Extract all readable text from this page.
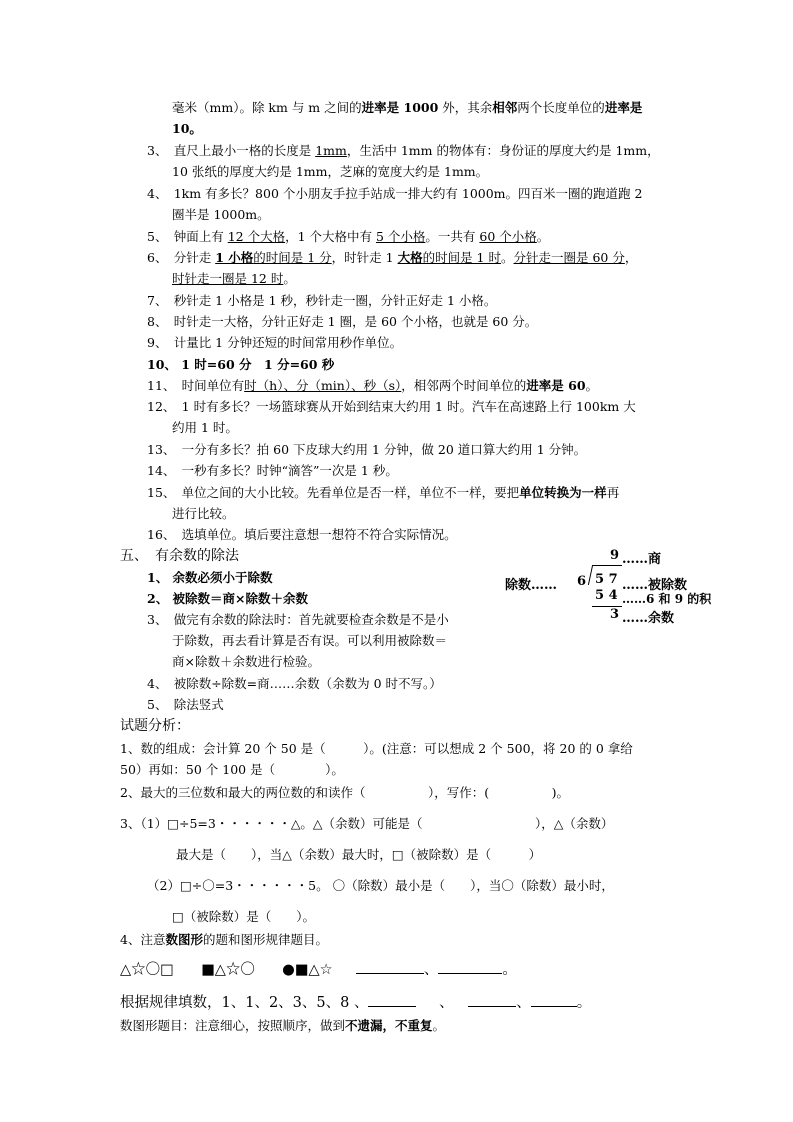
毫米（mm）。除 km 与 m 之间的进率是 1000 外，其余相邻两个长度单位的进率是
10。
3、　直尺上最小一格的长度是 1mm，生活中 1mm 的物体有：身份证的厚度大约是 1mm，
10 张纸的厚度大约是 1mm，芝麻的宽度大约是 1mm。
4、　1km 有多长？800 个小朋友手拉手站成一排大约有 1000m。四百米一圈的跑道跑 2
圈半是 1000m。
5、　钟面上有 12 个大格，1 个大格中有 5 个小格。一共有 60 个小格。
6、　分针走 1 小格的时间是 1 分，时针走 1 大格的时间是 1 时。分针走一圈是 60 分，
时针走一圈是 12 时。
7、　秒针走 1 小格是 1 秒，秒针走一圈，分针正好走 1 小格。
8、　时针走一大格，分针正好走 1 圈，是 60 个小格，也就是 60 分。
9、　计量比 1 分钟还短的时间常用秒作单位。
10、 1 时=60 分　1 分=60 秒
11、　时间单位有时（h）、分（min）、秒（s），相邻两个时间单位的进率是 60。
12、　1 时有多长？一场篮球赛从开始到结束大约用 1 时。汽车在高速路上行 100km 大
约用 1 时。
13、　一分有多长？拍 60 下皮球大约用 1 分钟，做 20 道口算大约用 1 分钟。
14、　一秒有多长？时钟“滴答”一次是 1 秒。
15、　单位之间的大小比较。先看单位是否一样，单位不一样，要把单位转换为一样再
进行比较。
16、　选填单位。填后要注意想一想符不符合实际情况。
五、　有余数的除法
1、 余数必须小于除数
2、 被除数＝商×除数＋余数
3、　做完有余数的除法时：首先就要检查余数是不是小
于除数，再去看计算是否有误。可以利用被除数＝
商×除数＋余数进行检验。
4、　被除数÷除数=商……余数（余数为 0 时不写。）
5、　除法竖式
9 ……商
除数…… 6 5 7 ……被除数
5 4 ……6 和 9 的积
3 ……余数
试题分析：
1、数的组成：会计算 20 个 50 是（　　　）。(注意：可以想成 2 个 500，将 20 的 0 拿给
50）再如：50 个 100 是（　　　　）。
2、最大的三位数和最大的两位数的和读作（　　　　　），写作：(　　　　　)。
3、（1）□÷5=3・・・・・・△。△（余数）可能是（　　　　　　　　　），△（余数）
最大是（　　），当△（余数）最大时，□（被除数）是（　　　）
（2）□÷〇=3・・・・・・5。 〇（除数）最小是（　　），当〇（除数）最小时，
□（被除数）是（　　）。
4、注意数图形的题和图形规律题目。
△☆〇□ ■△☆〇 ●■△☆	、	。
根据规律填数，1、1、2、3、5、8 、	、	、	。
数图形题目：注意细心，按照顺序，做到不遗漏，不重复。
